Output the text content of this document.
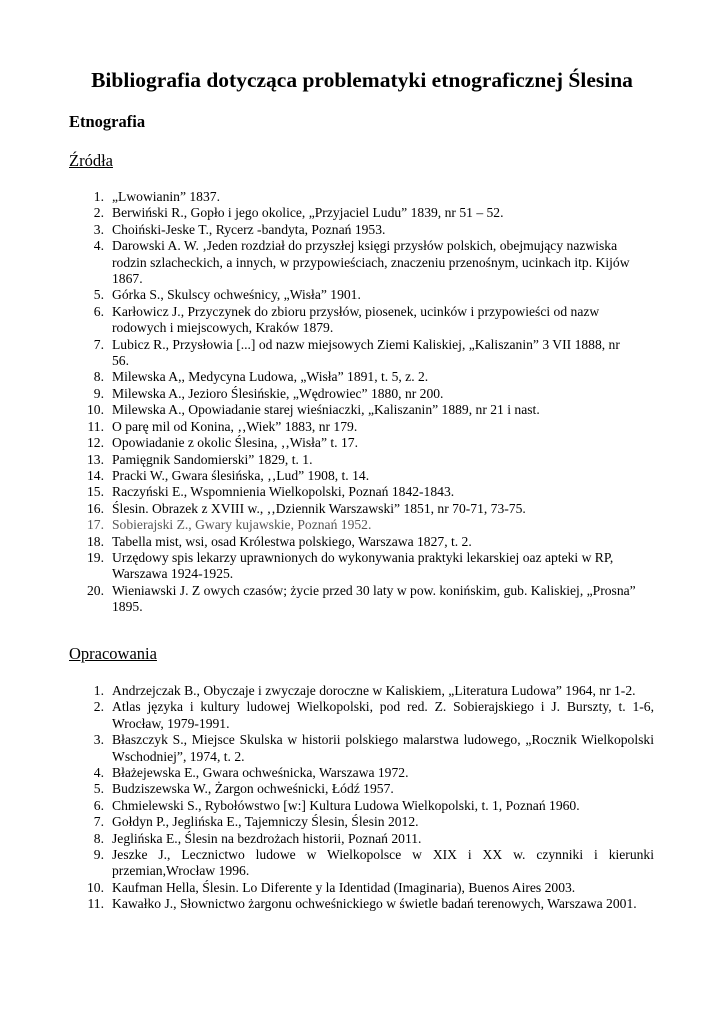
Bibliografia dotycząca problematyki etnograficznej Ślesina
Etnografia
Źródła
1. „Lwowianin” 1837.
2. Berwiński R., Gopło i jego okolice, „Przyjaciel Ludu” 1839, nr 51 – 52.
3. Choiński-Jeske T., Rycerz -bandyta, Poznań 1953.
4. Darowski A. W. ‚Jeden rozdział do przyszłej księgi przysłów polskich, obejmujący nazwiska rodzin szlacheckich, a innych, w przypowieściach, znaczeniu przenośnym, ucinkach itp. Kijów 1867.
5. Górka S., Skulscy ochweśnicy, „Wisła” 1901.
6. Karłowicz J., Przyczynek do zbioru przysłów, piosenek, ucinków i przypowieści od nazw rodowych i miejscowych, Kraków 1879.
7. Lubicz R., Przysłowia [...] od nazw miejsowych Ziemi Kaliskiej, „Kaliszanin” 3 VII 1888, nr 56.
8. Milewska A,, Medycyna Ludowa, „Wisła” 1891, t. 5, z. 2.
9. Milewska A., Jezioro Ślesińskie, „Wędrowiec” 1880, nr 200.
10. Milewska A., Opowiadanie starej wieśniaczki, „Kaliszanin” 1889, nr 21 i nast.
11. O parę mil od Konina, ‚‚Wiek” 1883, nr 179.
12. Opowiadanie z okolic Ślesina, ‚‚Wisła” t. 17.
13. Pamięgnik Sandomierski” 1829, t. 1.
14. Pracki W., Gwara ślesińska, ‚‚Lud” 1908, t. 14.
15. Raczyński E., Wspomnienia Wielkopolski, Poznań 1842-1843.
16. Ślesin. Obrazek z XVIII w., ‚‚Dziennik Warszawski” 1851, nr 70-71, 73-75.
17. Sobierajski Z., Gwary kujawskie, Poznań 1952.
18. Tabella mist, wsi, osad Królestwa polskiego, Warszawa 1827, t. 2.
19. Urzędowy spis lekarzy uprawnionych do wykonywania praktyki lekarskiej oaz apteki w RP, Warszawa 1924-1925.
20. Wieniawski J. Z owych czasów; życie przed 30 laty w pow. konińskim, gub. Kaliskiej, „Prosna” 1895.
Opracowania
1. Andrzejczak B., Obyczaje i zwyczaje doroczne w Kaliskiem, „Literatura Ludowa” 1964, nr 1-2.
2. Atlas języka i kultury ludowej Wielkopolski, pod red. Z. Sobierajskiego i J. Burszty, t. 1-6, Wrocław, 1979-1991.
3. Błaszczyk S., Miejsce Skulska w historii polskiego malarstwa ludowego, „Rocznik Wielkopolski Wschodniej”, 1974, t. 2.
4. Błażejewska E., Gwara ochweśnicka, Warszawa 1972.
5. Budziszewska W., Żargon ochweśnicki, Łódź 1957.
6. Chmielewski S., Rybołówstwo [w:] Kultura Ludowa Wielkopolski, t. 1, Poznań 1960.
7. Gołdyn P., Jeglińska E., Tajemniczy Ślesin, Ślesin 2012.
8. Jeglińska E., Ślesin na bezdrożach historii, Poznań 2011.
9. Jeszke J., Lecznictwo ludowe w Wielkopolsce w XIX i XX w. czynniki i kierunki przemian,Wrocław 1996.
10. Kaufman Hella, Ślesin. Lo Diferente y la Identidad (Imaginaria), Buenos Aires 2003.
11. Kawałko J., Słownictwo żargonu ochweśnickiego w świetle badań terenowych, Warszawa 2001.
